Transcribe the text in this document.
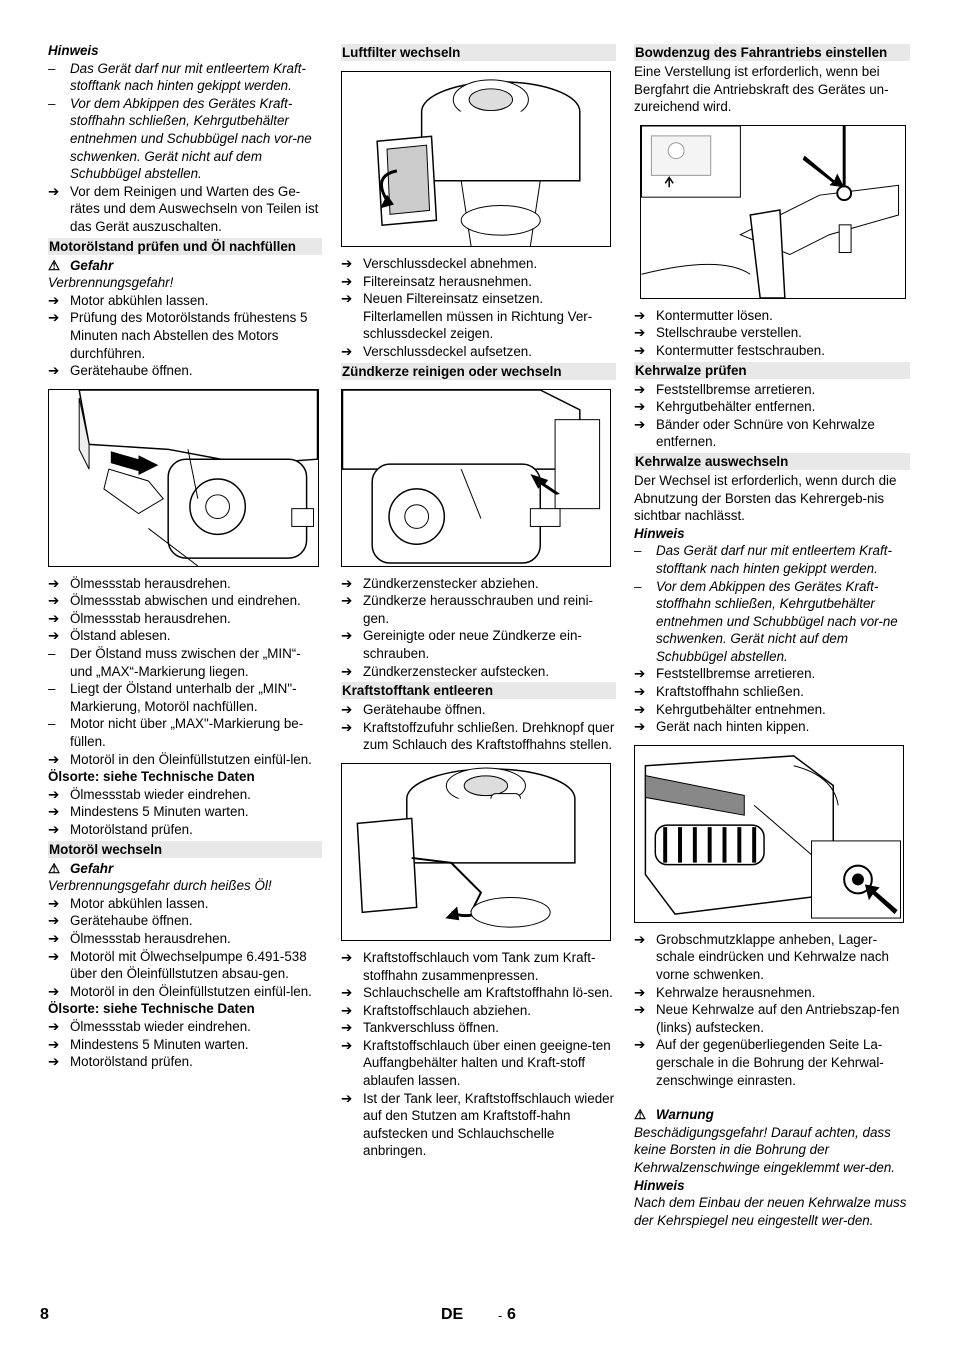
Hinweis
–	Das Gerät darf nur mit entleertem Kraft-stofftank nach hinten gekippt werden.
–	Vor dem Abkippen des Gerätes Kraft-stoffhahn schließen, Kehrgutbehälter entnehmen und Schubbügel nach vor-ne schwenken. Gerät nicht auf dem Schubbügel abstellen.
➔ Vor dem Reinigen und Warten des Ge-rätes und dem Auswechseln von Teilen ist das Gerät auszuschalten.
Motorölstand prüfen und Öl nachfüllen
⚠ Gefahr
Verbrennungsgefahr!
➔ Motor abkühlen lassen.
➔ Prüfung des Motorölstands frühestens 5 Minuten nach Abstellen des Motors durchführen.
➔ Gerätehaube öffnen.
➔ Ölmessstab herausdrehen.
➔ Ölmessstab abwischen und eindrehen.
➔ Ölmessstab herausdrehen.
➔ Ölstand ablesen.
–	Der Ölstand muss zwischen der „MIN“- und „MAX“-Markierung liegen.
–	Liegt der Ölstand unterhalb der „MIN"-Markierung, Motoröl nachfüllen.
–	Motor nicht über „MAX"-Markierung be-füllen.
➔ Motoröl in den Öleinfüllstutzen einfül-len.
Ölsorte: siehe Technische Daten
➔ Ölmessstab wieder eindrehen.
➔ Mindestens 5 Minuten warten.
➔ Motorölstand prüfen.
Motoröl wechseln
⚠ Gefahr
Verbrennungsgefahr durch heißes Öl!
➔ Motor abkühlen lassen.
➔ Gerätehaube öffnen.
➔ Ölmessstab herausdrehen.
➔ Motoröl mit Ölwechselpumpe 6.491-538 über den Öleinfüllstutzen absau-gen.
➔ Motoröl in den Öleinfüllstutzen einfül-len.
Ölsorte: siehe Technische Daten
➔ Ölmessstab wieder eindrehen.
➔ Mindestens 5 Minuten warten.
➔ Motorölstand prüfen.
Luftfilter wechseln
➔ Verschlussdeckel abnehmen.
➔ Filtereinsatz herausnehmen.
➔ Neuen Filtereinsatz einsetzen. Filterlamellen müssen in Richtung Ver-schlussdeckel zeigen.
➔ Verschlussdeckel aufsetzen.
Zündkerze reinigen oder wechseln
➔ Zündkerzenstecker abziehen.
➔ Zündkerze herausschrauben und reini-gen.
➔ Gereinigte oder neue Zündkerze ein-schrauben.
➔ Zündkerzenstecker aufstecken.
Kraftstofftank entleeren
➔ Gerätehaube öffnen.
➔ Kraftstoffzufuhr schließen. Drehknopf quer zum Schlauch des Kraftstoffhahns stellen.
➔ Kraftstoffschlauch vom Tank zum Kraft-stoffhahn zusammenpressen.
➔ Schlauchschelle am Kraftstoffhahn lö-sen.
➔ Kraftstoffschlauch abziehen.
➔ Tankverschluss öffnen.
➔ Kraftstoffschlauch über einen geeigne-ten Auffangbehälter halten und Kraft-stoff ablaufen lassen.
➔ Ist der Tank leer, Kraftstoffschlauch wieder auf den Stutzen am Kraftstoff-hahn aufstecken und Schlauchschelle anbringen.
Bowdenzug des Fahrantriebs einstellen
Eine Verstellung ist erforderlich, wenn bei Bergfahrt die Antriebskraft des Gerätes un-zureichend wird.
➔ Kontermutter lösen.
➔ Stellschraube verstellen.
➔ Kontermutter festschrauben.
Kehrwalze prüfen
➔ Feststellbremse arretieren.
➔ Kehrgutbehälter entfernen.
➔ Bänder oder Schnüre von Kehrwalze entfernen.
Kehrwalze auswechseln
Der Wechsel ist erforderlich, wenn durch die Abnutzung der Borsten das Kehrergeb-nis sichtbar nachlässt.
Hinweis
–	Das Gerät darf nur mit entleertem Kraft-stofftank nach hinten gekippt werden.
–	Vor dem Abkippen des Gerätes Kraft-stoffhahn schließen, Kehrgutbehälter entnehmen und Schubbügel nach vor-ne schwenken. Gerät nicht auf dem Schubbügel abstellen.
➔ Feststellbremse arretieren.
➔ Kraftstoffhahn schließen.
➔ Kehrgutbehälter entnehmen.
➔ Gerät nach hinten kippen.
➔ Grobschmutzklappe anheben, Lager-schale eindrücken und Kehrwalze nach vorne schwenken.
➔ Kehrwalze herausnehmen.
➔ Neue Kehrwalze auf den Antriebszap-fen (links) aufstecken.
➔ Auf der gegenüberliegenden Seite La-gerschale in die Bohrung der Kehrwal-zenschwinge einrasten.
⚠ Warnung
Beschädigungsgefahr! Darauf achten, dass keine Borsten in die Bohrung der Kehrwalzenschwinge eingeklemmt wer-den.
Hinweis
Nach dem Einbau der neuen Kehrwalze muss der Kehrspiegel neu eingestellt wer-den.
8	DE	- 6
